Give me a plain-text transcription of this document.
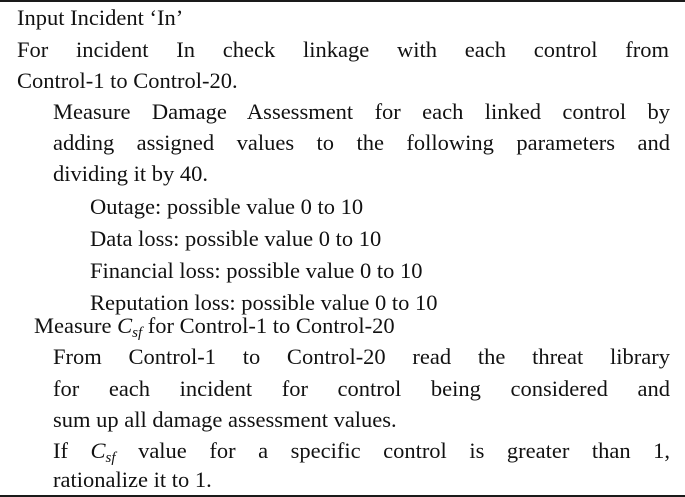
Input Incident ‘In’
For incident In check linkage with each control from
Control-1 to Control-20.
Measure Damage Assessment for each linked control by
adding assigned values to the following parameters and
dividing it by 40.
Outage: possible value 0 to 10
Data loss: possible value 0 to 10
Financial loss: possible value 0 to 10
Reputation loss: possible value 0 to 10
Measure $C_{sf}$ for Control-1 to Control-20
From Control-1 to Control-20 read the threat library
for each incident for control being considered and
sum up all damage assessment values.
If $C_{sf}$ value for a specific control is greater than 1,
rationalize it to 1.
